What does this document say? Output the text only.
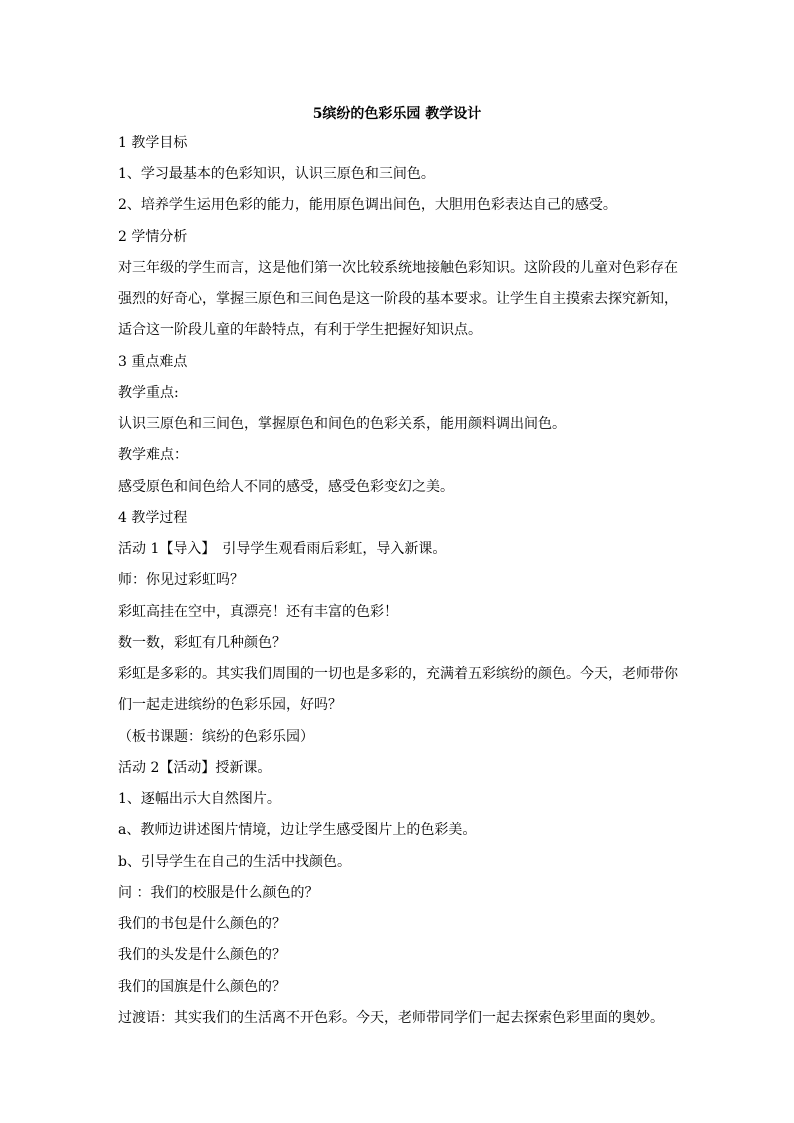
5缤纷的色彩乐园 教学设计
1 教学目标
1、学习最基本的色彩知识，认识三原色和三间色。
2、培养学生运用色彩的能力，能用原色调出间色，大胆用色彩表达自己的感受。
2 学情分析
对三年级的学生而言，这是他们第一次比较系统地接触色彩知识。这阶段的儿童对色彩存在
强烈的好奇心，掌握三原色和三间色是这一阶段的基本要求。让学生自主摸索去探究新知，
适合这一阶段儿童的年龄特点，有利于学生把握好知识点。
3 重点难点
教学重点:
认识三原色和三间色，掌握原色和间色的色彩关系，能用颜料调出间色。
教学难点：
感受原色和间色给人不同的感受，感受色彩变幻之美。
4 教学过程
活动 1【导入】　引导学生观看雨后彩虹，导入新课。
师：你见过彩虹吗？
彩虹高挂在空中，真漂亮！还有丰富的色彩！
数一数，彩虹有几种颜色？
彩虹是多彩的。其实我们周围的一切也是多彩的，充满着五彩缤纷的颜色。今天，老师带你
们一起走进缤纷的色彩乐园，好吗？
（板书课题：缤纷的色彩乐园）
活动 2【活动】授新课。
1、逐幅出示大自然图片。
a、教师边讲述图片情境，边让学生感受图片上的色彩美。
b、引导学生在自己的生活中找颜色。
问 ：我们的校服是什么颜色的？
我们的书包是什么颜色的？
我们的头发是什么颜色的？
我们的国旗是什么颜色的？
过渡语：其实我们的生活离不开色彩。今天，老师带同学们一起去探索色彩里面的奥妙。
